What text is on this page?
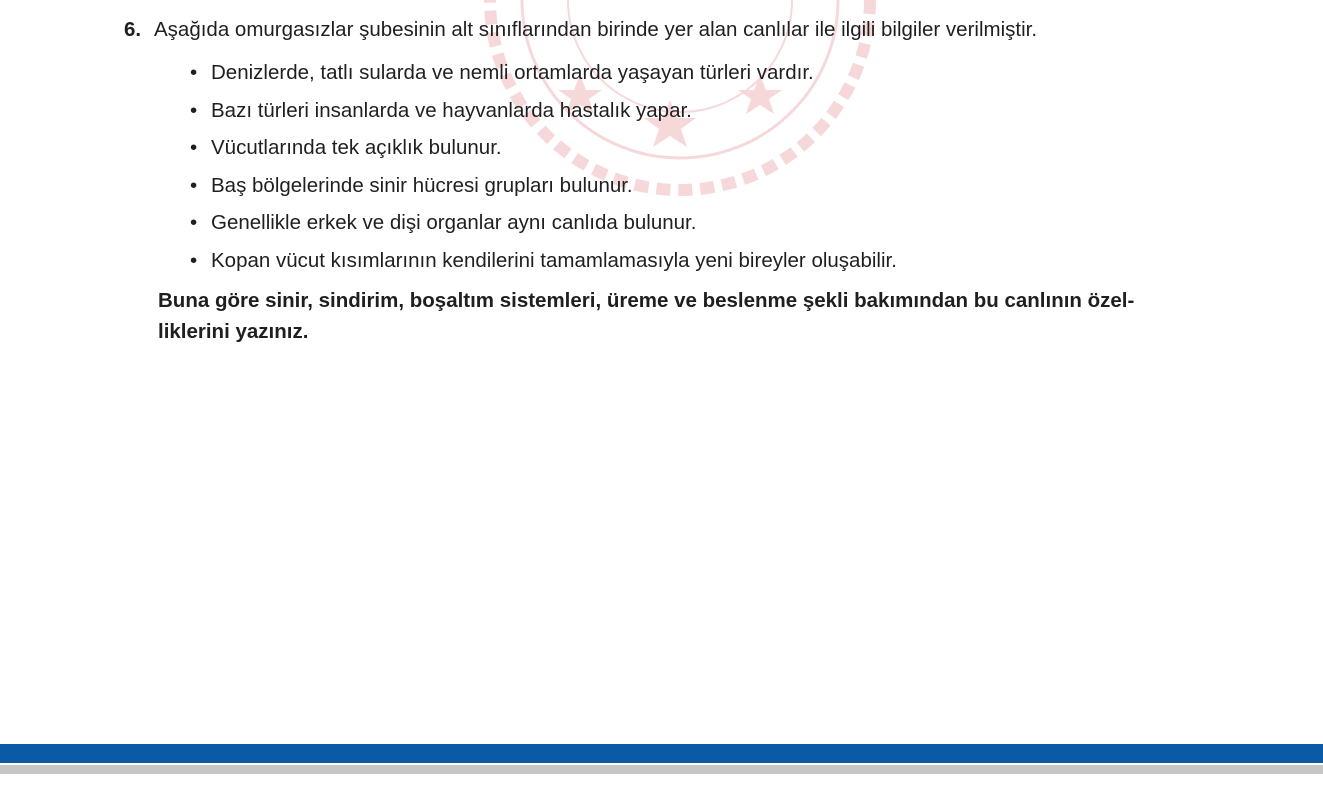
6. Aşağıda omurgasızlar şubesinin alt sınıflarından birinde yer alan canlılar ile ilgili bilgiler verilmiştir.
• Denizlerde, tatlı sularda ve nemli ortamlarda yaşayan türleri vardır.
• Bazı türleri insanlarda ve hayvanlarda hastalık yapar.
• Vücutlarında tek açıklık bulunur.
• Baş bölgelerinde sinir hücresi grupları bulunur.
• Genellikle erkek ve dişi organlar aynı canlıda bulunur.
• Kopan vücut kısımlarının kendilerini tamamlamasıyla yeni bireyler oluşabilir.

Buna göre sinir, sindirim, boşaltım sistemleri, üreme ve beslenme şekli bakımından bu canlının özel-
liklerini yazınız.
